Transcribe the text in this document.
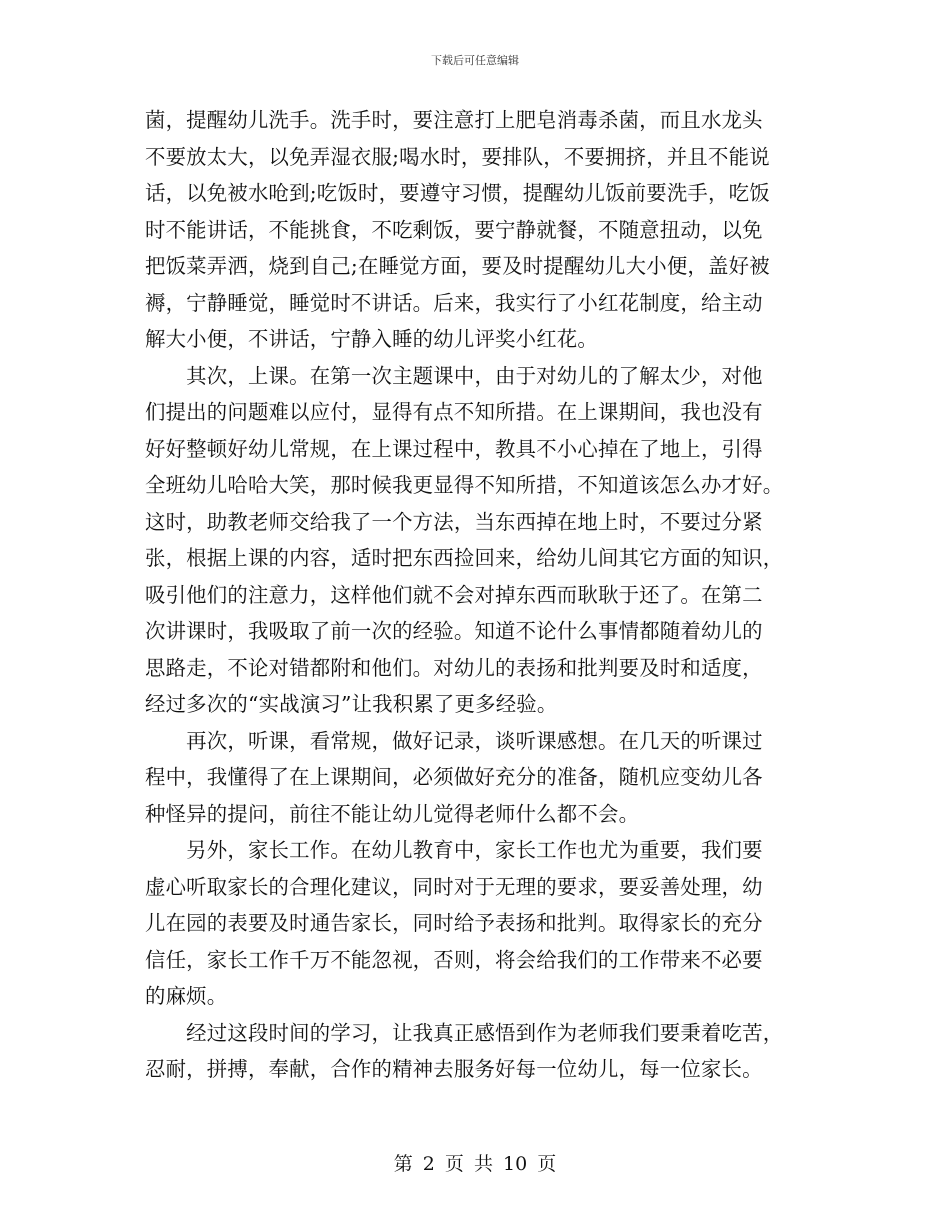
下载后可任意编辑
菌，提醒幼儿洗手。洗手时，要注意打上肥皂消毒杀菌，而且水龙头
不要放太大，以免弄湿衣服;喝水时，要排队，不要拥挤，并且不能说
话，以免被水呛到;吃饭时，要遵守习惯，提醒幼儿饭前要洗手，吃饭
时不能讲话，不能挑食，不吃剩饭，要宁静就餐，不随意扭动，以免
把饭菜弄洒，烧到自己;在睡觉方面，要及时提醒幼儿大小便，盖好被
褥，宁静睡觉，睡觉时不讲话。后来，我实行了小红花制度，给主动
解大小便，不讲话，宁静入睡的幼儿评奖小红花。
　　其次，上课。在第一次主题课中，由于对幼儿的了解太少，对他
们提出的问题难以应付，显得有点不知所措。在上课期间，我也没有
好好整顿好幼儿常规，在上课过程中，教具不小心掉在了地上，引得
全班幼儿哈哈大笑，那时候我更显得不知所措，不知道该怎么办才好。
这时，助教老师交给我了一个方法，当东西掉在地上时，不要过分紧
张，根据上课的内容，适时把东西捡回来，给幼儿间其它方面的知识，
吸引他们的注意力，这样他们就不会对掉东西而耿耿于还了。在第二
次讲课时，我吸取了前一次的经验。知道不论什么事情都随着幼儿的
思路走，不论对错都附和他们。对幼儿的表扬和批判要及时和适度，
经过多次的“实战演习”让我积累了更多经验。
　　再次，听课，看常规，做好记录，谈听课感想。在几天的听课过
程中，我懂得了在上课期间，必须做好充分的准备，随机应变幼儿各
种怪异的提问，前往不能让幼儿觉得老师什么都不会。
　　另外，家长工作。在幼儿教育中，家长工作也尤为重要，我们要
虚心听取家长的合理化建议，同时对于无理的要求，要妥善处理，幼
儿在园的表要及时通告家长，同时给予表扬和批判。取得家长的充分
信任，家长工作千万不能忽视，否则，将会给我们的工作带来不必要
的麻烦。
　　经过这段时间的学习，让我真正感悟到作为老师我们要秉着吃苦，
忍耐，拼搏，奉献，合作的精神去服务好每一位幼儿，每一位家长。
第 2 页 共 10 页
